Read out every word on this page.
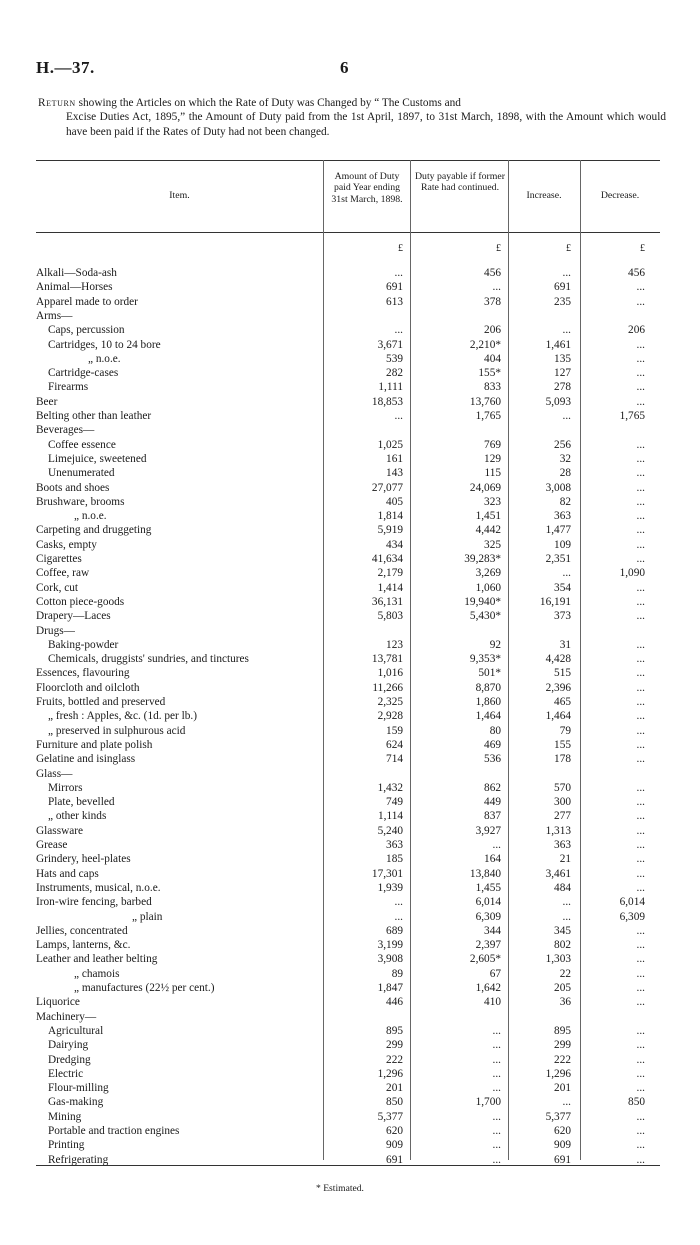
H.—37.	6
Return showing the Articles on which the Rate of Duty was Changed by “ The Customs and
Excise Duties Act, 1895,” the Amount of Duty paid from the 1st April, 1897, to 31st March, 1898, with the Amount which would have been paid if the Rates of Duty had not been changed.
Item.
Amount of Duty paid Year ending 31st March, 1898.
Duty payable if former Rate had continued.
Increase.	Decrease.
£	£	£	£
Alkali—Soda-ash	...	456	...	456
Animal—Horses	691	...	691	...
Apparel made to order	613	378	235	...
Arms—
Caps, percussion	...	206	...	206
Cartridges, 10 to 24 bore	3,671	2,210*	1,461	...
„ n.o.e.	539	404	135	...
Cartridge-cases	282	155*	127	...
Firearms	1,111	833	278	...
Beer	18,853	13,760	5,093	...
Belting other than leather	...	1,765	...	1,765
Beverages—
Coffee essence	1,025	769	256	...
Limejuice, sweetened	161	129	32	...
Unenumerated	143	115	28	...
Boots and shoes	27,077	24,069	3,008	...
Brushware, brooms	405	323	82	...
„ n.o.e.	1,814	1,451	363	...
Carpeting and druggeting	5,919	4,442	1,477	...
Casks, empty	434	325	109	...
Cigarettes	41,634	39,283*	2,351	...
Coffee, raw	2,179	3,269	...	1,090
Cork, cut	1,414	1,060	354	...
Cotton piece-goods	36,131	19,940*	16,191	...
Drapery—Laces	5,803	5,430*	373	...
Drugs—
Baking-powder	123	92	31	...
Chemicals, druggists' sundries, and tinctures	13,781	9,353*	4,428	...
Essences, flavouring	1,016	501*	515	...
Floorcloth and oilcloth	11,266	8,870	2,396	...
Fruits, bottled and preserved	2,325	1,860	465	...
„ fresh : Apples, &c. (1d. per lb.)	2,928	1,464	1,464	...
„ preserved in sulphurous acid	159	80	79	...
Furniture and plate polish	624	469	155	...
Gelatine and isinglass	714	536	178	...
Glass—
Mirrors	1,432	862	570	...
Plate, bevelled	749	449	300	...
„ other kinds	1,114	837	277	...
Glassware	5,240	3,927	1,313	...
Grease	363	...	363	...
Grindery, heel-plates	185	164	21	...
Hats and caps	17,301	13,840	3,461	...
Instruments, musical, n.o.e.	1,939	1,455	484	...
Iron-wire fencing, barbed	...	6,014	...	6,014
„ plain	...	6,309	...	6,309
Jellies, concentrated	689	344	345	...
Lamps, lanterns, &c.	3,199	2,397	802	...
Leather and leather belting	3,908	2,605*	1,303	...
„ chamois	89	67	22	...
„ manufactures (22½ per cent.)	1,847	1,642	205	...
Liquorice	446	410	36	...
Machinery—
Agricultural	895	...	895	...
Dairying	299	...	299	...
Dredging	222	...	222	...
Electric	1,296	...	1,296	...
Flour-milling	201	...	201	...
Gas-making	850	1,700	...	850
Mining	5,377	...	5,377	...
Portable and traction engines	620	...	620	...
Printing	909	...	909	...
Refrigerating	691	...	691	...
* Estimated.
